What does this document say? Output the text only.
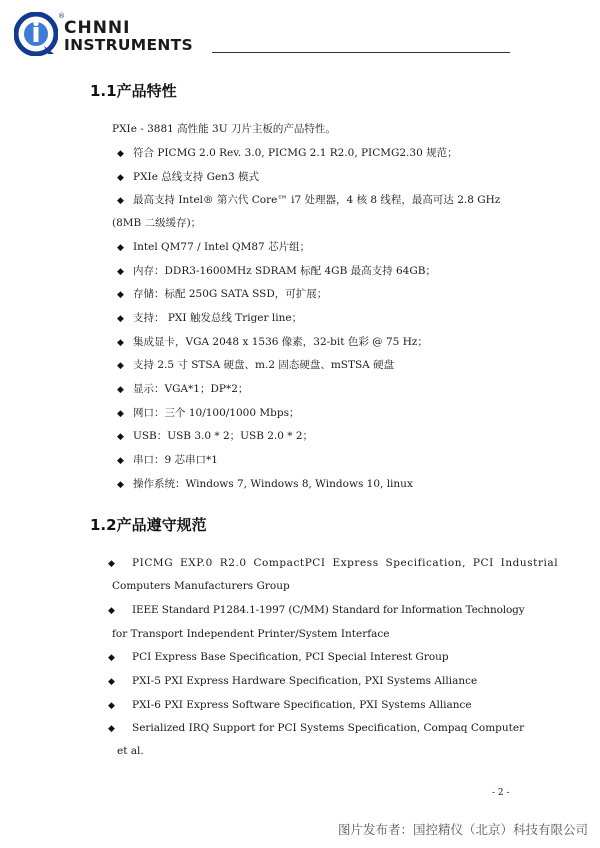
®
CHNNI
INSTRUMENTS
1.1产品特性
PXIe - 3881 高性能 3U 刀片主板的产品特性。
◆ 符合 PICMG 2.0 Rev. 3.0, PICMG 2.1 R2.0, PICMG2.30 规范；
◆ PXIe 总线支持 Gen3 模式
◆ 最高支持 Intel® 第六代 Core™ i7 处理器，4 核 8 线程，最高可达 2.8 GHz
(8MB 二级缓存)；
◆ Intel QM77 / Intel QM87 芯片组；
◆ 内存：DDR3-1600MHz SDRAM 标配 4GB 最高支持 64GB；
◆ 存储：标配 250G SATA SSD，可扩展；
◆ 支持： PXI 触发总线 Triger line；
◆ 集成显卡，VGA 2048 x 1536 像素，32-bit 色彩 @ 75 Hz；
◆ 支持 2.5 寸 STSA 硬盘、m.2 固态硬盘、mSTSA 硬盘
◆ 显示：VGA*1；DP*2；
◆ 网口：三个 10/100/1000 Mbps；
◆ USB：USB 3.0 * 2；USB 2.0 * 2；
◆ 串口：9 芯串口*1
◆ 操作系统：Windows 7, Windows 8, Windows 10, linux
1.2产品遵守规范
◆ PICMG EXP.0 R2.0 CompactPCI Express Specification, PCI Industrial
Computers Manufacturers Group
◆ IEEE Standard P1284.1-1997 (C/MM) Standard for Information Technology
for Transport Independent Printer/System Interface
◆ PCI Express Base Specification, PCI Special Interest Group
◆ PXI-5 PXI Express Hardware Specification, PXI Systems Alliance
◆ PXI-6 PXI Express Software Specification, PXI Systems Alliance
◆ Serialized IRQ Support for PCI Systems Specification, Compaq Computer
et al.
- 2 -
图片发布者：国控精仪（北京）科技有限公司
